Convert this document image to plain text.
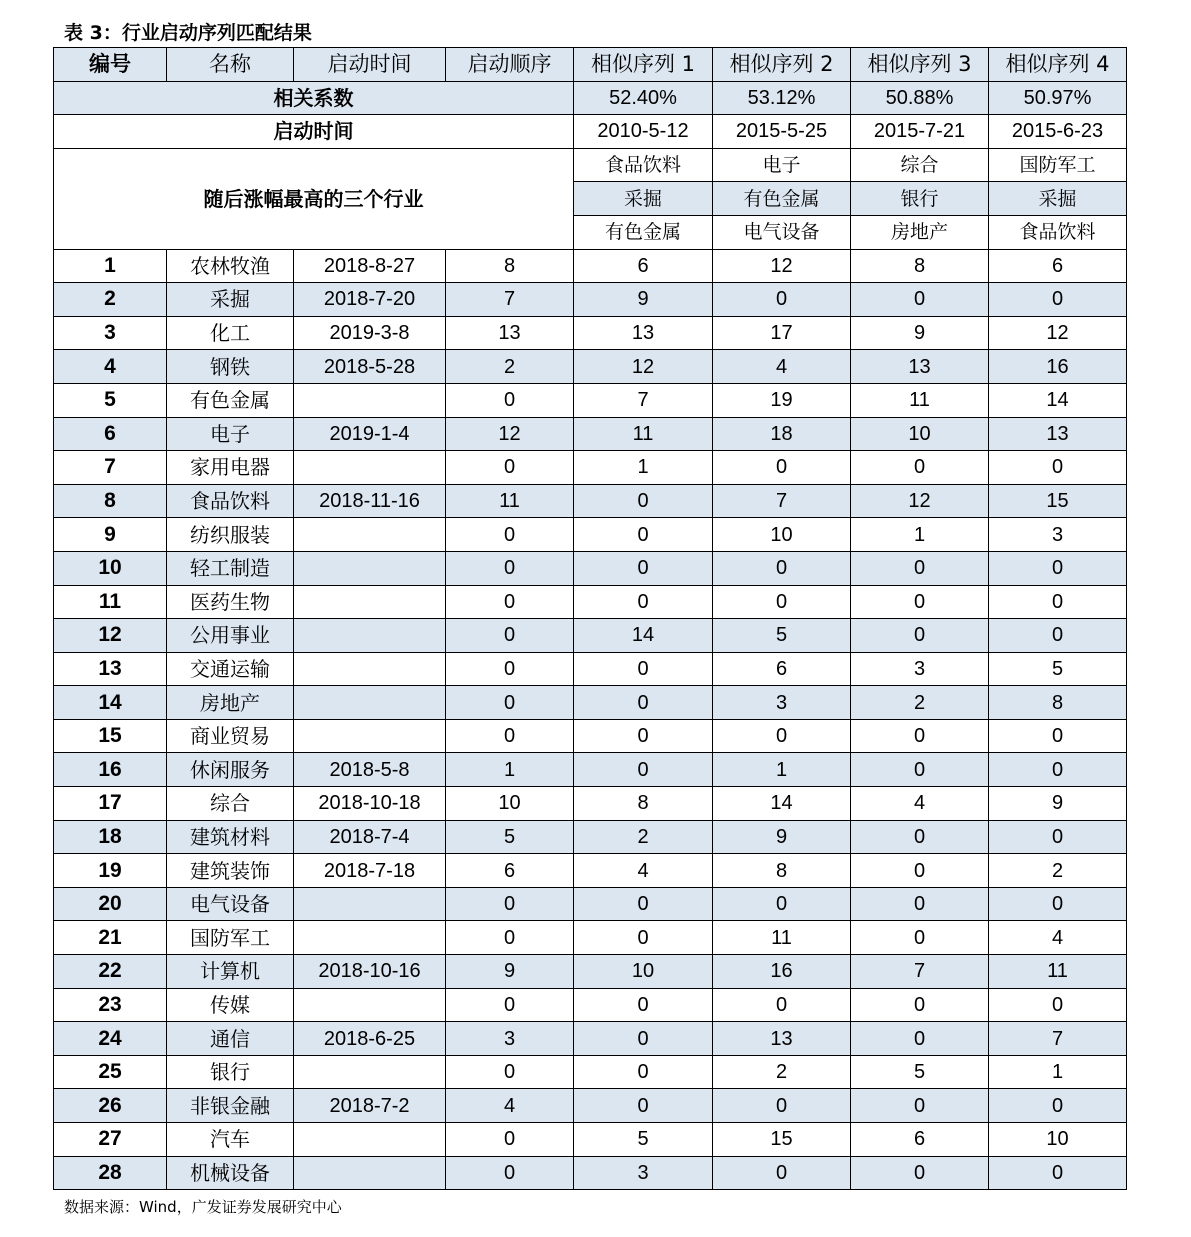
表 3：行业启动序列匹配结果
编号	名称	启动时间	启动顺序	相似序列 1	相似序列 2	相似序列 3	相似序列 4
相关系数				52.40%	53.12%	50.88%	50.97%
启动时间				2010-5-12	2015-5-25	2015-7-21	2015-6-23
随后涨幅最高的三个行业				食品饮料	电子	综合	国防军工
				采掘	有色金属	银行	采掘
				有色金属	电气设备	房地产	食品饮料
1	农林牧渔	2018-8-27	8	6	12	8	6
2	采掘	2018-7-20	7	9	0	0	0
3	化工	2019-3-8	13	13	17	9	12
4	钢铁	2018-5-28	2	12	4	13	16
5	有色金属		0	7	19	11	14
6	电子	2019-1-4	12	11	18	10	13
7	家用电器		0	1	0	0	0
8	食品饮料	2018-11-16	11	0	7	12	15
9	纺织服装		0	0	10	1	3
10	轻工制造		0	0	0	0	0
11	医药生物		0	0	0	0	0
12	公用事业		0	14	5	0	0
13	交通运输		0	0	6	3	5
14	房地产		0	0	3	2	8
15	商业贸易		0	0	0	0	0
16	休闲服务	2018-5-8	1	0	1	0	0
17	综合	2018-10-18	10	8	14	4	9
18	建筑材料	2018-7-4	5	2	9	0	0
19	建筑装饰	2018-7-18	6	4	8	0	2
20	电气设备		0	0	0	0	0
21	国防军工		0	0	11	0	4
22	计算机	2018-10-16	9	10	16	7	11
23	传媒		0	0	0	0	0
24	通信	2018-6-25	3	0	13	0	7
25	银行		0	0	2	5	1
26	非银金融	2018-7-2	4	0	0	0	0
27	汽车		0	5	15	6	10
28	机械设备		0	3	0	0	0
数据来源：Wind，广发证券发展研究中心
